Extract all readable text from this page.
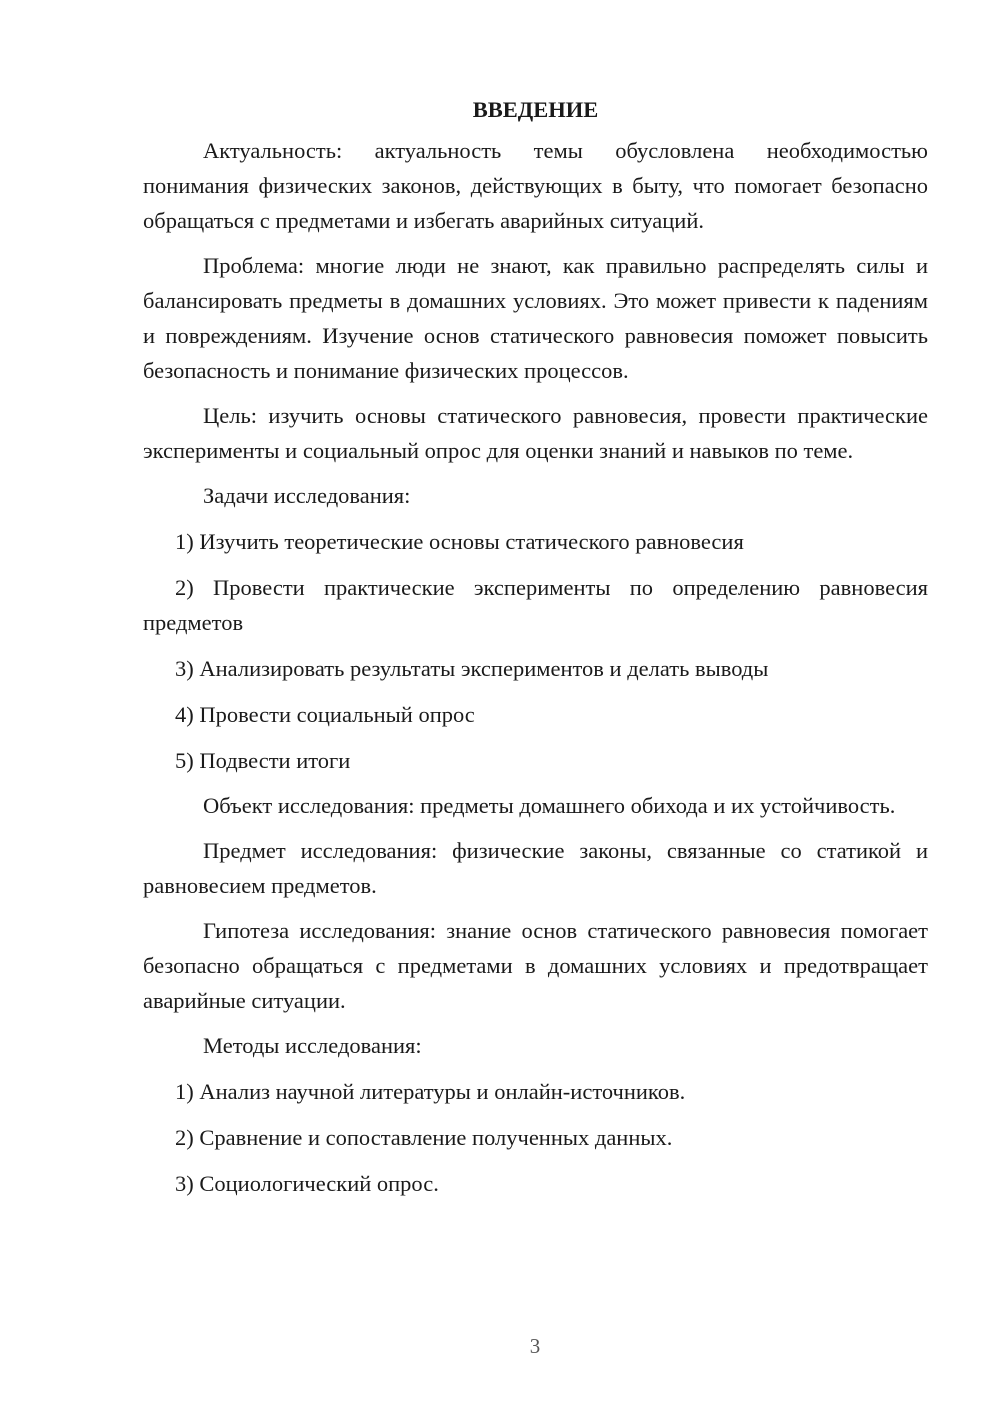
ВВЕДЕНИЕ

Актуальность: актуальность темы обусловлена необходимостью понимания физических законов, действующих в быту, что помогает безопасно обращаться с предметами и избегать аварийных ситуаций.

Проблема: многие люди не знают, как правильно распределять силы и балансировать предметы в домашних условиях. Это может привести к падениям и повреждениям. Изучение основ статического равновесия поможет повысить безопасность и понимание физических процессов.

Цель: изучить основы статического равновесия, провести практические эксперименты и социальный опрос для оценки знаний и навыков по теме.

Задачи исследования:

1) Изучить теоретические основы статического равновесия

2) Провести практические эксперименты по определению равновесия предметов

3) Анализировать результаты экспериментов и делать выводы

4) Провести социальный опрос

5) Подвести итоги

Объект исследования: предметы домашнего обихода и их устойчивость.

Предмет исследования: физические законы, связанные со статикой и равновесием предметов.

Гипотеза исследования: знание основ статического равновесия помогает безопасно обращаться с предметами в домашних условиях и предотвращает аварийные ситуации.

Методы исследования:

1) Анализ научной литературы и онлайн-источников.

2) Сравнение и сопоставление полученных данных.

3) Социологический опрос.

3
